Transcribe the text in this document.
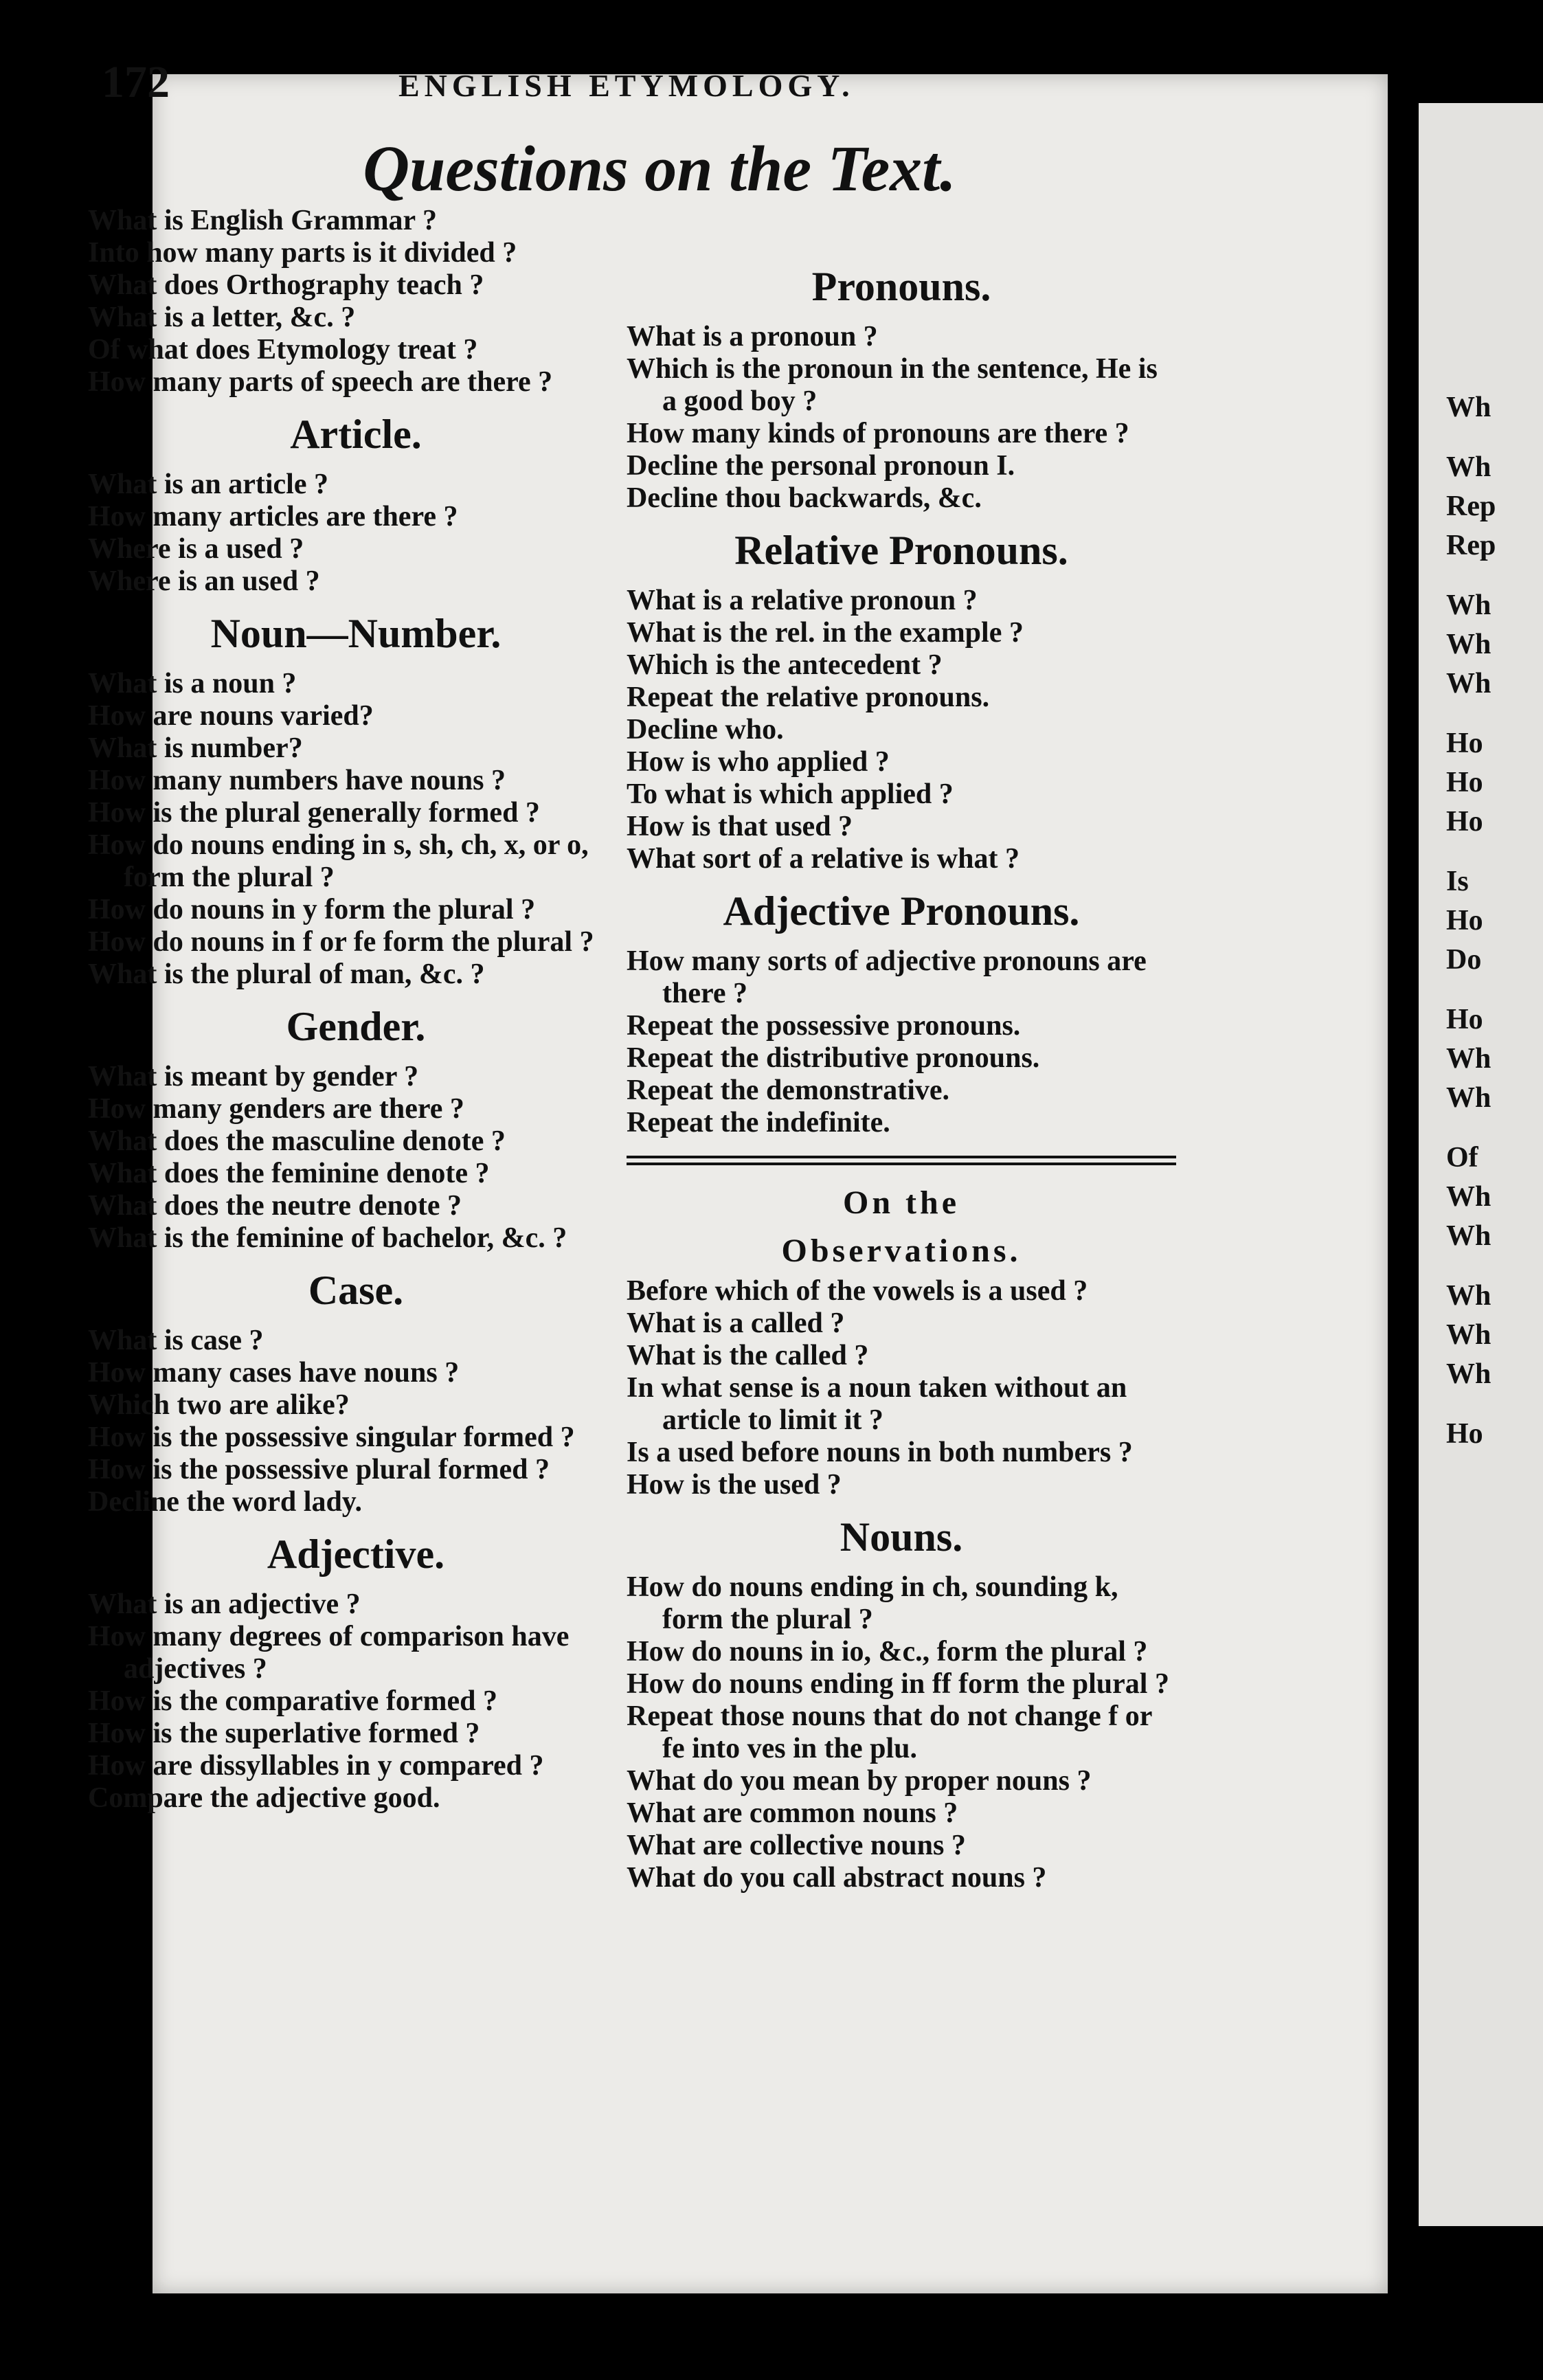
Wh
Wh
Rep
Rep
Wh
Wh
Wh
Ho
Ho
Ho
Is
Ho
Do
Ho
Wh
Wh
Of
Wh
Wh
Wh
Wh
Wh
Ho
172	ENGLISH ETYMOLOGY.
Questions on the Text.

What is English Grammar ?

Into how many parts is it divided ?

What does Orthography teach ?

What is a letter, &c. ?

Of what does Etymology treat ?

How many parts of speech are there ?

Article.

What is an article ?

How many articles are there ?

Where is a used ?

Where is an used ?

Noun—Number.

What is a noun ?

How are nouns varied?

What is number?

How many numbers have nouns ?

How is the plural generally formed ?

How do nouns ending in s, sh, ch, x, or o, form the plural ?

How do nouns in y form the plural ?

How do nouns in f or fe form the plural ?

What is the plural of man, &c. ?

Gender.

What is meant by gender ?

How many genders are there ?

What does the masculine denote ?

What does the feminine denote ?

What does the neutre denote ?

What is the feminine of bachelor, &c. ?

Case.

What is case ?

How many cases have nouns ?

Which two are alike?

How is the possessive singular formed ?

How is the possessive plural formed ?

Decline the word lady.

Adjective.

What is an adjective ?

How many degrees of comparison have adjectives ?

How is the comparative formed ?

How is the superlative formed ?

How are dissyllables in y compared ?

Compare the adjective good.

Pronouns.

What is a pronoun ?

Which is the pronoun in the sentence, He is a good boy ?

How many kinds of pronouns are there ?

Decline the personal pronoun I.

Decline thou backwards, &c.

Relative Pronouns.

What is a relative pronoun ?

What is the rel. in the example ?

Which is the antecedent ?

Repeat the relative pronouns.

Decline who.

How is who applied ?

To what is which applied ?

How is that used ?

What sort of a relative is what ?

Adjective Pronouns.

How many sorts of adjective pronouns are there ?

Repeat the possessive pronouns.

Repeat the distributive pronouns.

Repeat the demonstrative.

Repeat the indefinite.

On the
Observations.

Before which of the vowels is a used ?

What is a called ?

What is the called ?

In what sense is a noun taken without an article to limit it ?

Is a used before nouns in both numbers ?

How is the used ?

Nouns.

How do nouns ending in ch, sounding k, form the plural ?

How do nouns in io, &c., form the plural ?

How do nouns ending in ff form the plural ?

Repeat those nouns that do not change f or fe into ves in the plu.

What do you mean by proper nouns ?

What are common nouns ?

What are collective nouns ?

What do you call abstract nouns ?
